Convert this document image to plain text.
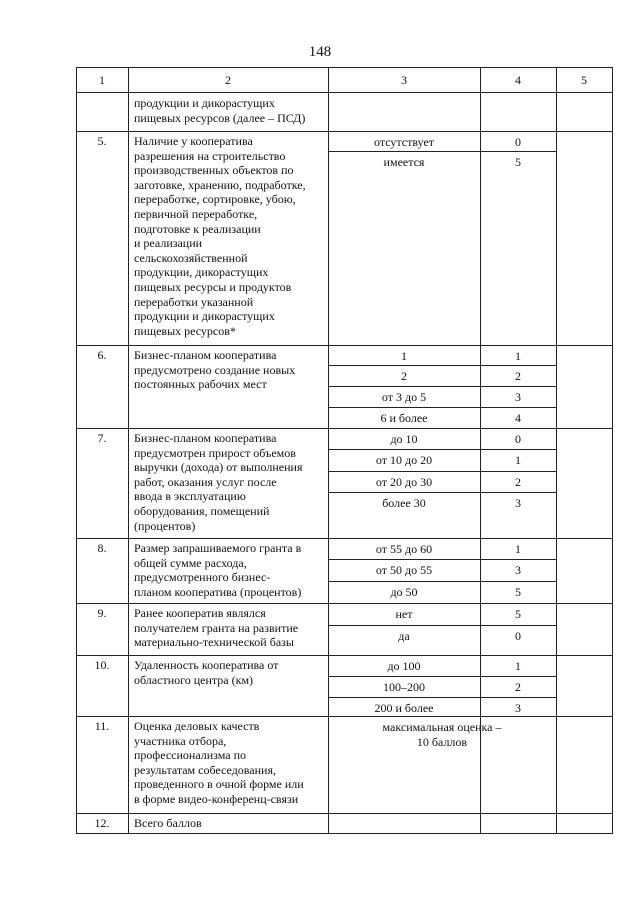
148
1	2	3	4	5
продукции и дикорастущих
пищевых ресурсов (далее – ПСД)
5.	Наличие у кооператива
разрешения на строительство
производственных объектов по
заготовке, хранению, подработке,
переработке, сортировке, убою,
первичной переработке,
подготовке к реализации
и реализации
сельскохозяйственной
продукции, дикорастущих
пищевых ресурсы и продуктов
переработки указанной
продукции и дикорастущих
пищевых ресурсов*
отсутствует	0
имеется	5
6.	Бизнес-планом кооператива
предусмотрено создание новых
постоянных рабочих мест
1	1
2	2
от 3 до 5	3
6 и более	4
7.	Бизнес-планом кооператива
предусмотрен прирост объемов
выручки (дохода) от выполнения
работ, оказания услуг после
ввода в эксплуатацию
оборудования, помещений
(процентов)
до 10	0
от 10 до 20	1
от 20 до 30	2
более 30	3
8.	Размер запрашиваемого гранта в
общей сумме расхода,
предусмотренного бизнес-
планом кооператива (процентов)
от 55 до 60	1
от 50 до 55	3
до 50	5
9.	Ранее кооператив являлся
получателем гранта на развитие
материально-технической базы
нет	5
да	0
10.	Удаленность кооператива от
областного центра (км)
до 100	1
100–200	2
200 и более	3
11.	Оценка деловых качеств
участника отбора,
профессионализма по
результатам собеседования,
проведенного в очной форме или
в форме видео-конференц-связи
максимальная оценка –
10 баллов
12.	Всего баллов
